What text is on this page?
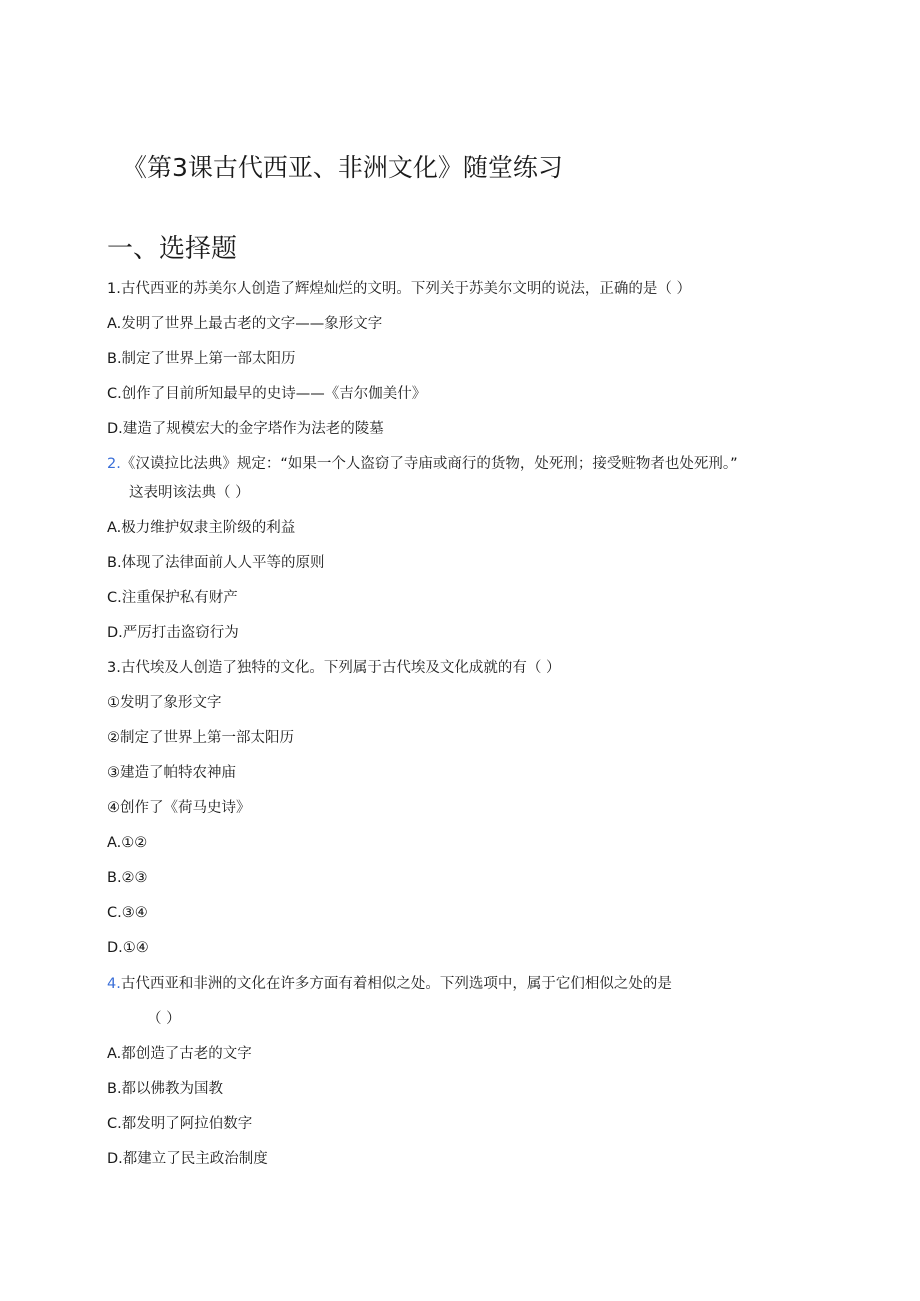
《第3课古代西亚、非洲文化》随堂练习
一、选择题
1.古代西亚的苏美尔人创造了辉煌灿烂的文明。下列关于苏美尔文明的说法，正确的是（ ）
A.发明了世界上最古老的文字——象形文字
B.制定了世界上第一部太阳历
C.创作了目前所知最早的史诗——《吉尔伽美什》
D.建造了规模宏大的金字塔作为法老的陵墓
2.《汉谟拉比法典》规定：“如果一个人盗窃了寺庙或商行的货物，处死刑；接受赃物者也处死刑。”
这表明该法典（ ）
A.极力维护奴隶主阶级的利益
B.体现了法律面前人人平等的原则
C.注重保护私有财产
D.严厉打击盗窃行为
3.古代埃及人创造了独特的文化。下列属于古代埃及文化成就的有（ ）
①发明了象形文字
②制定了世界上第一部太阳历
③建造了帕特农神庙
④创作了《荷马史诗》
A.①②
B.②③
C.③④
D.①④
4.古代西亚和非洲的文化在许多方面有着相似之处。下列选项中，属于它们相似之处的是
（ ）
A.都创造了古老的文字
B.都以佛教为国教
C.都发明了阿拉伯数字
D.都建立了民主政治制度
